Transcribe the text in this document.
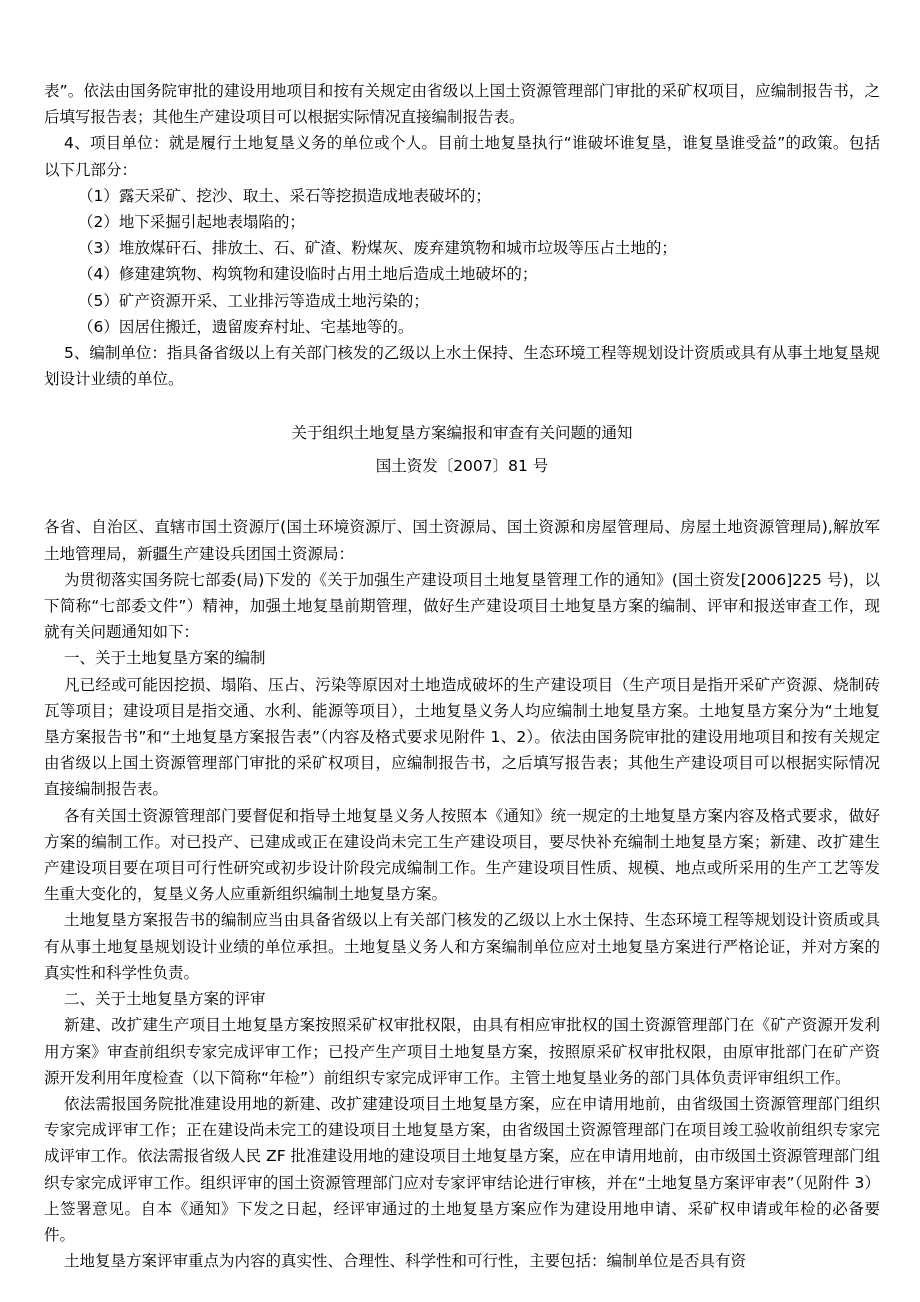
表”。依法由国务院审批的建设用地项目和按有关规定由省级以上国土资源管理部门审批的采矿权项目，应编制报告书，之后填写报告表；其他生产建设项目可以根据实际情况直接编制报告表。

4、项目单位：就是履行土地复垦义务的单位或个人。目前土地复垦执行“谁破坏谁复垦，谁复垦谁受益”的政策。包括以下几部分：

（1）露天采矿、挖沙、取土、采石等挖损造成地表破坏的；

（2）地下采掘引起地表塌陷的；

（3）堆放煤矸石、排放土、石、矿渣、粉煤灰、废弃建筑物和城市垃圾等压占土地的；

（4）修建建筑物、构筑物和建设临时占用土地后造成土地破坏的；

（5）矿产资源开采、工业排污等造成土地污染的；

（6）因居住搬迁，遗留废弃村址、宅基地等的。

5、编制单位：指具备省级以上有关部门核发的乙级以上水土保持、生态环境工程等规划设计资质或具有从事土地复垦规划设计业绩的单位。

关于组织土地复垦方案编报和审查有关问题的通知

国土资发〔2007〕81 号

各省、自治区、直辖市国土资源厅(国土环境资源厅、国土资源局、国土资源和房屋管理局、房屋土地资源管理局),解放军土地管理局，新疆生产建设兵团国土资源局：

为贯彻落实国务院七部委(局)下发的《关于加强生产建设项目土地复垦管理工作的通知》(国土资发[2006]225 号)，以下简称“七部委文件”）精神，加强土地复垦前期管理，做好生产建设项目土地复垦方案的编制、评审和报送审查工作，现就有关问题通知如下：

一、关于土地复垦方案的编制

凡已经或可能因挖损、塌陷、压占、污染等原因对土地造成破坏的生产建设项目（生产项目是指开采矿产资源、烧制砖瓦等项目；建设项目是指交通、水利、能源等项目），土地复垦义务人均应编制土地复垦方案。土地复垦方案分为“土地复垦方案报告书”和“土地复垦方案报告表”（内容及格式要求见附件 1、2）。依法由国务院审批的建设用地项目和按有关规定由省级以上国土资源管理部门审批的采矿权项目，应编制报告书，之后填写报告表；其他生产建设项目可以根据实际情况直接编制报告表。

各有关国土资源管理部门要督促和指导土地复垦义务人按照本《通知》统一规定的土地复垦方案内容及格式要求，做好方案的编制工作。对已投产、已建成或正在建设尚未完工生产建设项目，要尽快补充编制土地复垦方案；新建、改扩建生产建设项目要在项目可行性研究或初步设计阶段完成编制工作。生产建设项目性质、规模、地点或所采用的生产工艺等发生重大变化的，复垦义务人应重新组织编制土地复垦方案。

土地复垦方案报告书的编制应当由具备省级以上有关部门核发的乙级以上水土保持、生态环境工程等规划设计资质或具有从事土地复垦规划设计业绩的单位承担。土地复垦义务人和方案编制单位应对土地复垦方案进行严格论证，并对方案的真实性和科学性负责。

二、关于土地复垦方案的评审

新建、改扩建生产项目土地复垦方案按照采矿权审批权限，由具有相应审批权的国土资源管理部门在《矿产资源开发利用方案》审查前组织专家完成评审工作；已投产生产项目土地复垦方案，按照原采矿权审批权限，由原审批部门在矿产资源开发利用年度检查（以下简称“年检”）前组织专家完成评审工作。主管土地复垦业务的部门具体负责评审组织工作。

依法需报国务院批准建设用地的新建、改扩建建设项目土地复垦方案，应在申请用地前，由省级国土资源管理部门组织专家完成评审工作；正在建设尚未完工的建设项目土地复垦方案，由省级国土资源管理部门在项目竣工验收前组织专家完成评审工作。依法需报省级人民 ZF 批准建设用地的建设项目土地复垦方案，应在申请用地前，由市级国土资源管理部门组织专家完成评审工作。组织评审的国土资源管理部门应对专家评审结论进行审核，并在“土地复垦方案评审表”（见附件 3）上签署意见。自本《通知》下发之日起，经评审通过的土地复垦方案应作为建设用地申请、采矿权申请或年检的必备要件。

土地复垦方案评审重点为内容的真实性、合理性、科学性和可行性，主要包括：编制单位是否具有资
